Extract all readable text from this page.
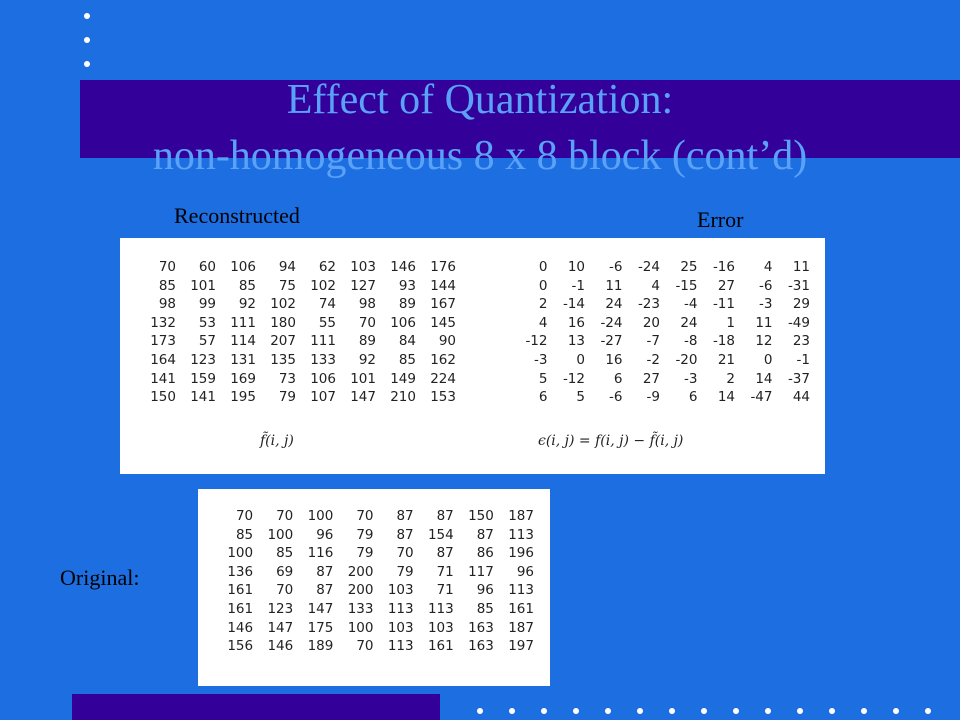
Effect of Quantization:
non-homogeneous 8 x 8 block (cont’d)
Reconstructed	Error
Original:
70	60	106	94	62	103	146	176
85	101	85	75	102	127	93	144
98	99	92	102	74	98	89	167
132	53	111	180	55	70	106	145
173	57	114	207	111	89	84	90
164	123	131	135	133	92	85	162
141	159	169	73	106	101	149	224
150	141	195	79	107	147	210	153
f̃(i, j)
0	10	-6	-24	25	-16	4	11
0	-1	11	4	-15	27	-6	-31
2	-14	24	-23	-4	-11	-3	29
4	16	-24	20	24	1	11	-49
-12	13	-27	-7	-8	-18	12	23
-3	0	16	-2	-20	21	0	-1
5	-12	6	27	-3	2	14	-37
6	5	-6	-9	6	14	-47	44
ϵ(i, j) = f(i, j) − f̃(i, j)
70	70	100	70	87	87	150	187
85	100	96	79	87	154	87	113
100	85	116	79	70	87	86	196
136	69	87	200	79	71	117	96
161	70	87	200	103	71	96	113
161	123	147	133	113	113	85	161
146	147	175	100	103	103	163	187
156	146	189	70	113	161	163	197
